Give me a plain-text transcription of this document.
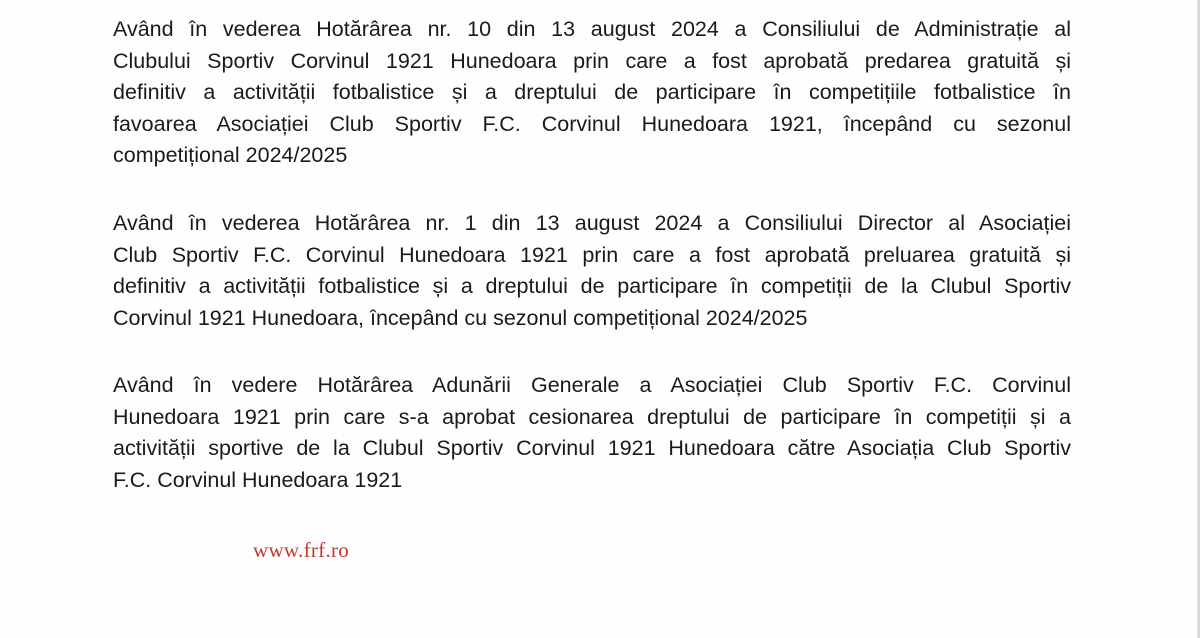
Având în vederea Hotărârea nr. 10 din 13 august 2024 a Consiliului de Administrație al
Clubului Sportiv Corvinul 1921 Hunedoara prin care a fost aprobată predarea gratuită și
definitiv a activității fotbalistice și a dreptului de participare în competițiile fotbalistice în
favoarea Asociației Club Sportiv F.C. Corvinul Hunedoara 1921, începând cu sezonul
competițional 2024/2025
Având în vederea Hotărârea nr. 1 din 13 august 2024 a Consiliului Director al Asociației
Club Sportiv F.C. Corvinul Hunedoara 1921 prin care a fost aprobată preluarea gratuită și
definitiv a activității fotbalistice și a dreptului de participare în competiții de la Clubul Sportiv
Corvinul 1921 Hunedoara, începând cu sezonul competițional 2024/2025
Având în vedere Hotărârea Adunării Generale a Asociației Club Sportiv F.C. Corvinul
Hunedoara 1921 prin care s-a aprobat cesionarea dreptului de participare în competiții și a
activității sportive de la Clubul Sportiv Corvinul 1921 Hunedoara către Asociația Club Sportiv
F.C. Corvinul Hunedoara 1921
www.frf.ro
